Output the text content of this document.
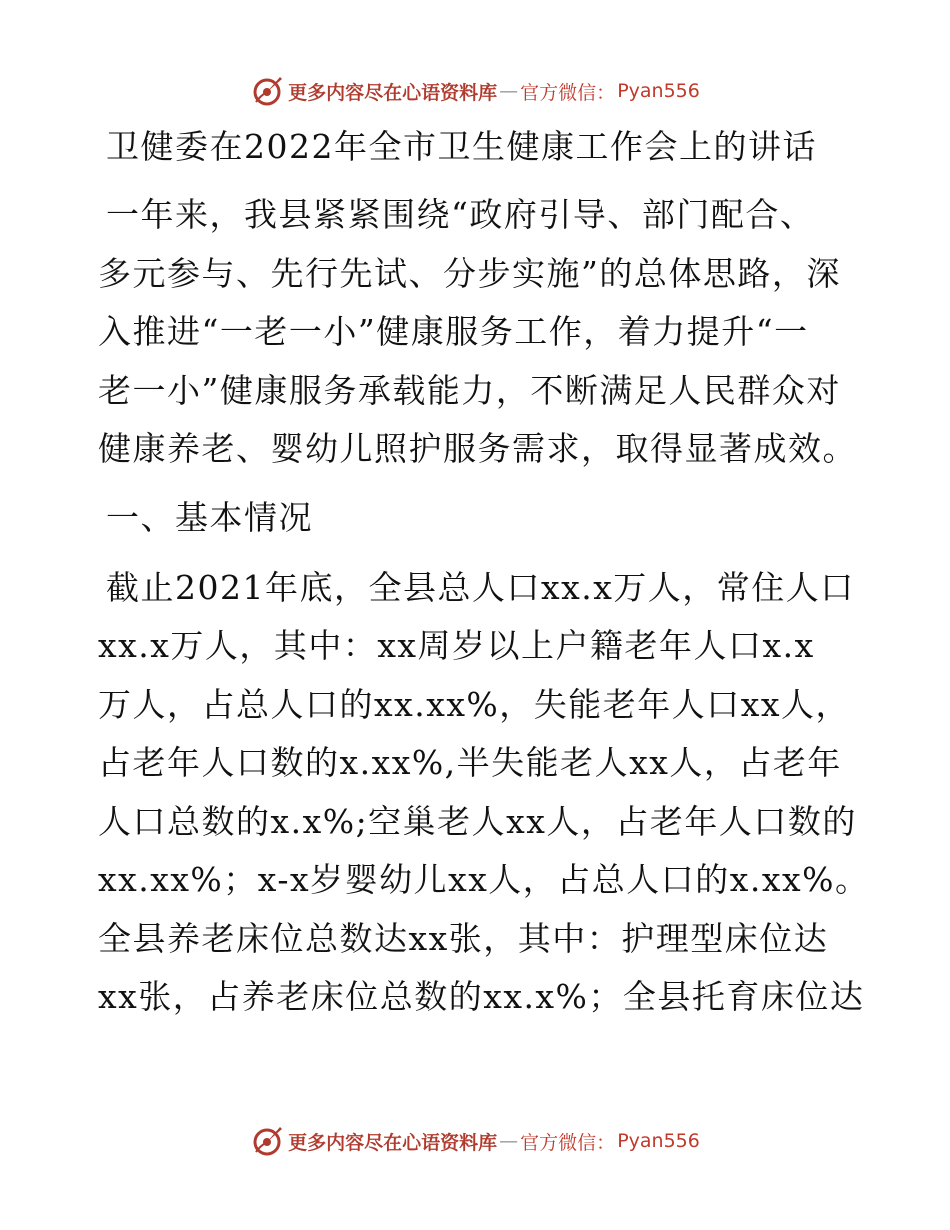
更多内容尽在心语资料库 — 官方微信： Pyan556
卫健委在2022年全市卫生健康工作会上的讲话

一年来，我县紧紧围绕“政府引导、部门配合、
多元参与、先行先试、分步实施”的总体思路，深
入推进“一老一小”健康服务工作，着力提升“一
老一小”健康服务承载能力，不断满足人民群众对
健康养老、婴幼儿照护服务需求，取得显著成效。

一、基本情况

截止2021年底，全县总人口xx.x万人，常住人口
xx.x万人，其中：xx周岁以上户籍老年人口x.x
万人，占总人口的xx.xx%，失能老年人口xx人，
占老年人口数的x.xx%,半失能老人xx人，占老年
人口总数的x.x%;空巢老人xx人，占老年人口数的
xx.xx%；x-x岁婴幼儿xx人，占总人口的x.xx%。
全县养老床位总数达xx张，其中：护理型床位达
xx张，占养老床位总数的xx.x%；全县托育床位达

更多内容尽在心语资料库 — 官方微信： Pyan556
